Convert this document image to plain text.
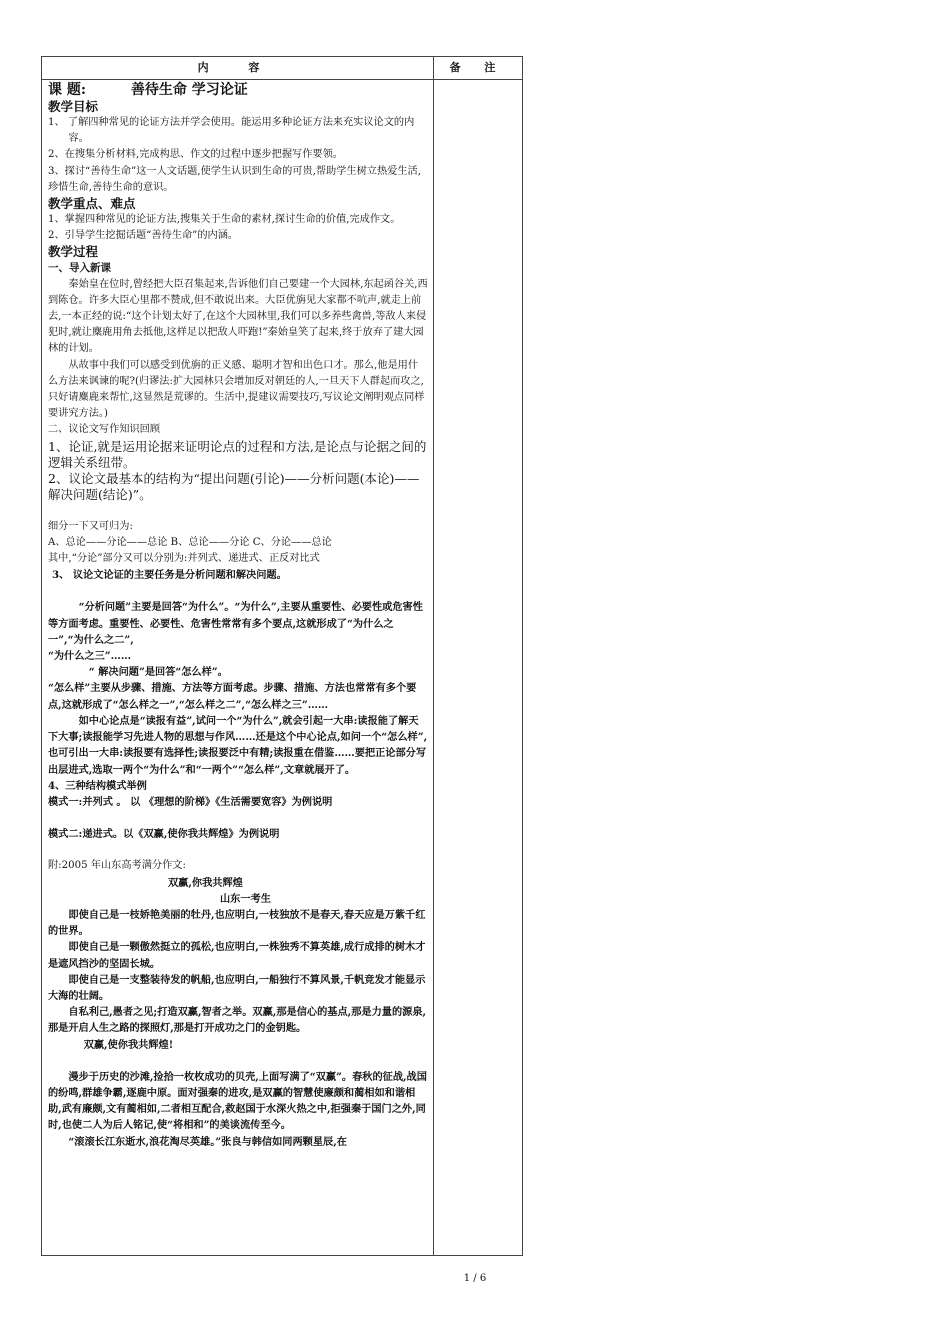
内 容	备 注
课 题:	善待生命 学习论证
教学目标
1、 了解四种常见的论证方法并学会使用。能运用多种论证方法来充实议论文的内容。
2、在搜集分析材料,完成构思、作文的过程中逐步把握写作要领。
3、探讨“善待生命”这一人文话题,使学生认识到生命的可贵,帮助学生树立热爱生活,珍惜生命,善待生命的意识。
教学重点、难点
1、掌握四种常见的论证方法,搜集关于生命的素材,探讨生命的价值,完成作文。
2、引导学生挖掘话题“善待生命”的内涵。
教学过程
一、导入新课
秦始皇在位时,曾经把大臣召集起来,告诉他们自己要建一个大园林,东起函谷关,西到陈仓。许多大臣心里都不赞成,但不敢说出来。大臣优旃见大家都不吭声,就走上前去,一本正经的说:“这个计划太好了,在这个大园林里,我们可以多养些禽兽,等敌人来侵犯时,就让麋鹿用角去抵他,这样足以把敌人吓跑!”秦始皇笑了起来,终于放弃了建大园林的计划。
从故事中我们可以感受到优旃的正义感、聪明才智和出色口才。那么,他是用什么方法来讽谏的呢?(归谬法:扩大园林只会增加反对朝廷的人,一旦天下人群起而攻之,只好请麋鹿来帮忙,这显然是荒谬的。生活中,提建议需要技巧,写议论文阐明观点同样要讲究方法。)
二、议论文写作知识回顾
1、论证,就是运用论据来证明论点的过程和方法,是论点与论据之间的逻辑关系纽带。
2、议论文最基本的结构为“提出问题(引论)——分析问题(本论)——解决问题(结论)”。
细分一下又可归为:
A、总论——分论——总论 B、总论——分论 C、分论——总论
其中,“分论”部分又可以分别为:并列式、递进式、正反对比式
3、 议论文论证的主要任务是分析问题和解决问题。
“分析问题”主要是回答“为什么”。“为什么”,主要从重要性、必要性或危害性等方面考虑。重要性、必要性、危害性常常有多个要点,这就形成了“为什么之一”,“为什么之二”,
“为什么之三”……
“ 解决问题”是回答“怎么样”。
“怎么样”主要从步骤、措施、方法等方面考虑。步骤、措施、方法也常常有多个要点,这就形成了“怎么样之一”,“怎么样之二”,“怎么样之三”……
如中心论点是“读报有益”,试问一个“为什么”,就会引起一大串:读报能了解天下大事;读报能学习先进人物的思想与作风……还是这个中心论点,如问一个“怎么样”,也可引出一大串:读报要有选择性;读报要泛中有精;读报重在借鉴……要把正论部分写出层进式,选取一两个“为什么”和“一两个”“怎么样”,文章就展开了。
4、三种结构模式举例
模式一:并列式 。 以 《理想的阶梯》《生活需要宽容》为例说明
模式二:递进式。以《双赢,使你我共辉煌》为例说明
附:2005 年山东高考满分作文:
双赢,你我共辉煌
山东一考生
即使自己是一枝娇艳美丽的牡丹,也应明白,一枝独放不是春天,春天应是万紫千红的世界。
即使自己是一颗傲然挺立的孤松,也应明白,一株独秀不算英雄,成行成排的树木才是遮风挡沙的坚固长城。
即使自己是一支整装待发的帆船,也应明白,一船独行不算风景,千帆竞发才能显示大海的壮阔。
自私利己,愚者之见;打造双赢,智者之举。双赢,那是信心的基点,那是力量的源泉,那是开启人生之路的探照灯,那是打开成功之门的金钥匙。
双赢,使你我共辉煌!
漫步于历史的沙滩,捡拾一枚枚成功的贝壳,上面写满了“双赢”。春秋的征战,战国的纷鸣,群雄争霸,逐鹿中原。面对强秦的进攻,是双赢的智慧使廉颇和蔺相如和谐相助,武有廉颇,文有蔺相如,二者相互配合,救赵国于水深火热之中,拒强秦于国门之外,同时,也使二人为后人铭记,使“将相和”的美谈流传至今。
“滚滚长江东逝水,浪花淘尽英雄。”张良与韩信如同两颗星辰,在
1 / 6
